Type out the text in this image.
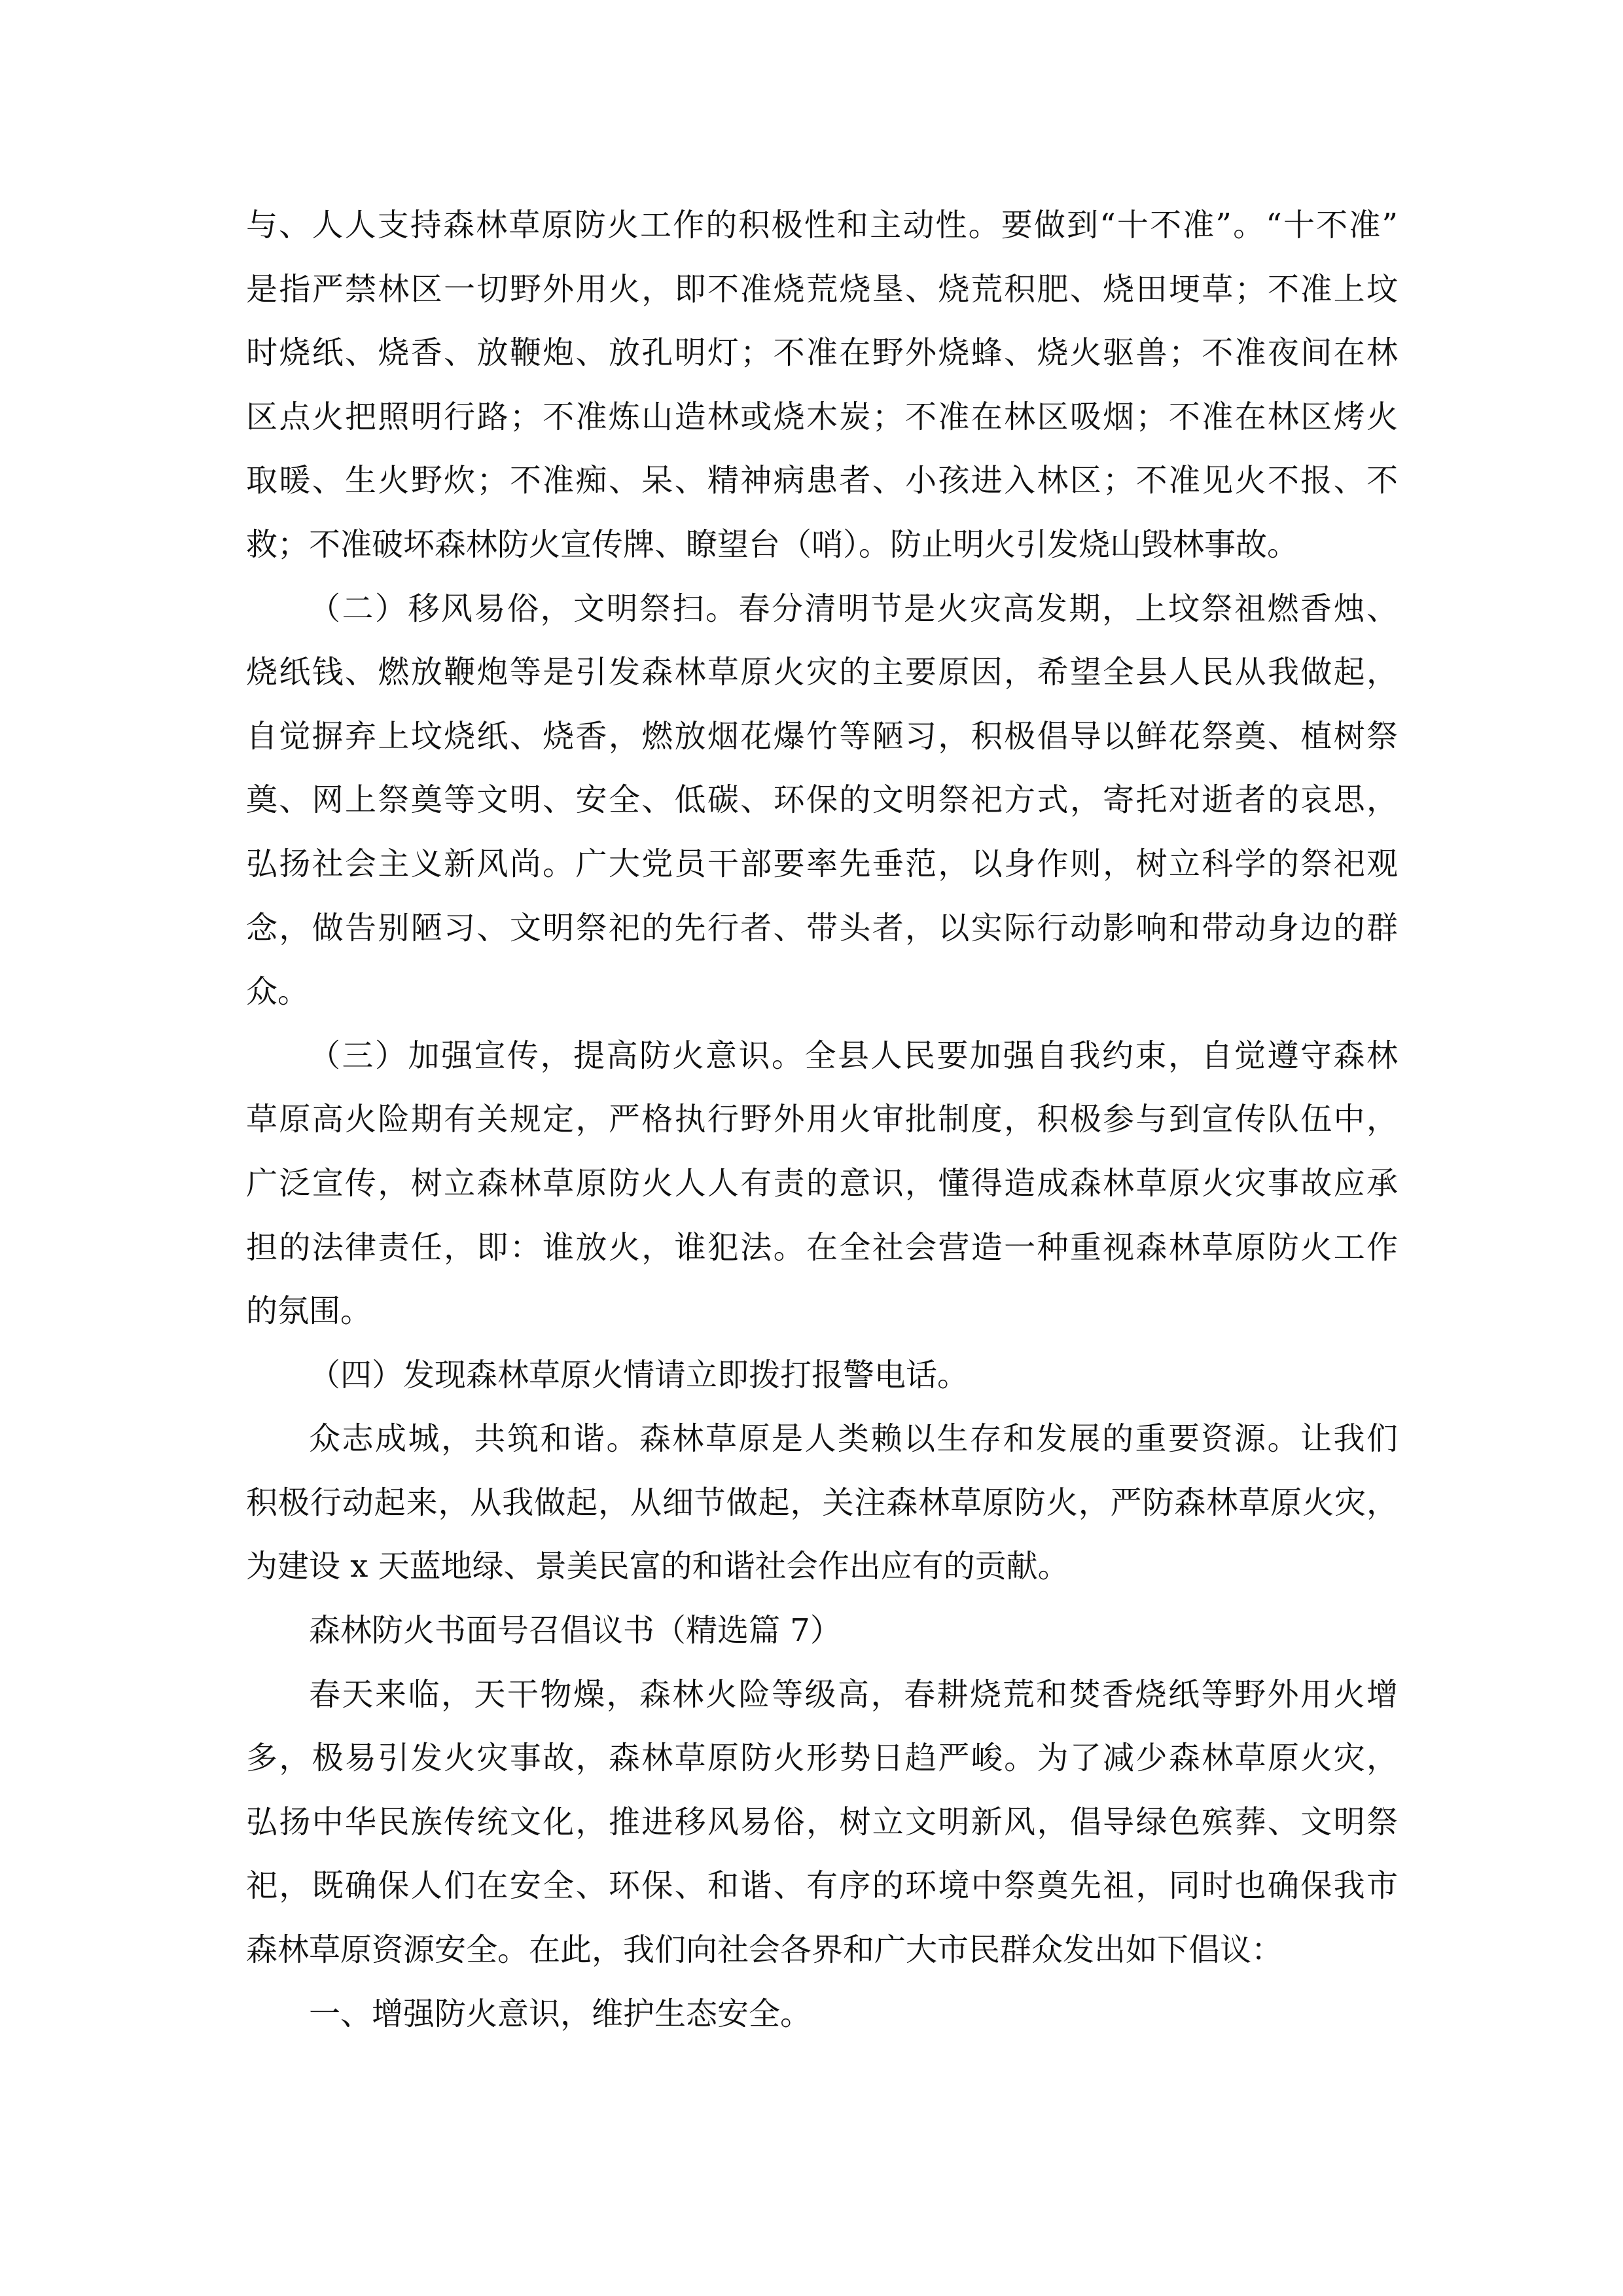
与、人人支持森林草原防火工作的积极性和主动性。要做到“十不准”。“十不准”
是指严禁林区一切野外用火，即不准烧荒烧垦、烧荒积肥、烧田埂草；不准上坟
时烧纸、烧香、放鞭炮、放孔明灯；不准在野外烧蜂、烧火驱兽；不准夜间在林
区点火把照明行路；不准炼山造林或烧木炭；不准在林区吸烟；不准在林区烤火
取暖、生火野炊；不准痴、呆、精神病患者、小孩进入林区；不准见火不报、不
救；不准破坏森林防火宣传牌、瞭望台（哨）。防止明火引发烧山毁林事故。
（二）移风易俗，文明祭扫。春分清明节是火灾高发期，上坟祭祖燃香烛、
烧纸钱、燃放鞭炮等是引发森林草原火灾的主要原因，希望全县人民从我做起，
自觉摒弃上坟烧纸、烧香，燃放烟花爆竹等陋习，积极倡导以鲜花祭奠、植树祭
奠、网上祭奠等文明、安全、低碳、环保的文明祭祀方式，寄托对逝者的哀思，
弘扬社会主义新风尚。广大党员干部要率先垂范，以身作则，树立科学的祭祀观
念，做告别陋习、文明祭祀的先行者、带头者，以实际行动影响和带动身边的群
众。
（三）加强宣传，提高防火意识。全县人民要加强自我约束，自觉遵守森林
草原高火险期有关规定，严格执行野外用火审批制度，积极参与到宣传队伍中，
广泛宣传，树立森林草原防火人人有责的意识，懂得造成森林草原火灾事故应承
担的法律责任，即：谁放火，谁犯法。在全社会营造一种重视森林草原防火工作
的氛围。
（四）发现森林草原火情请立即拨打报警电话。
众志成城，共筑和谐。森林草原是人类赖以生存和发展的重要资源。让我们
积极行动起来，从我做起，从细节做起，关注森林草原防火，严防森林草原火灾，
为建设 x 天蓝地绿、景美民富的和谐社会作出应有的贡献。
森林防火书面号召倡议书（精选篇 7）
春天来临，天干物燥，森林火险等级高，春耕烧荒和焚香烧纸等野外用火增
多，极易引发火灾事故，森林草原防火形势日趋严峻。为了减少森林草原火灾，
弘扬中华民族传统文化，推进移风易俗，树立文明新风，倡导绿色殡葬、文明祭
祀，既确保人们在安全、环保、和谐、有序的环境中祭奠先祖，同时也确保我市
森林草原资源安全。在此，我们向社会各界和广大市民群众发出如下倡议：
一、增强防火意识，维护生态安全。
